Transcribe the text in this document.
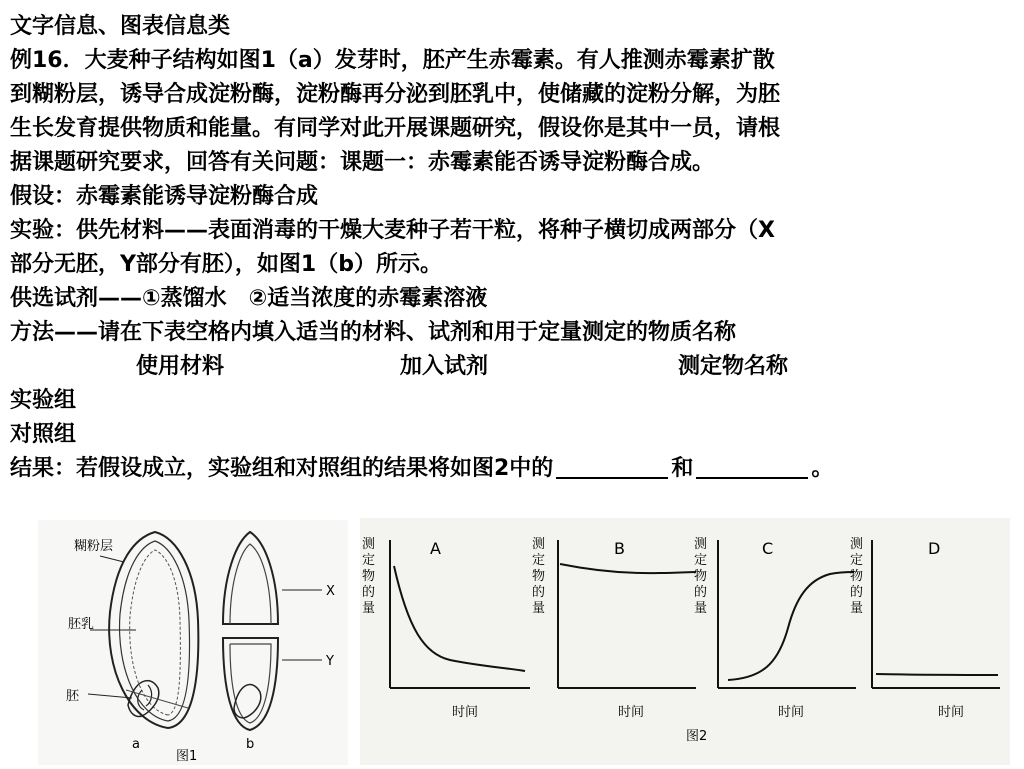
文字信息、图表信息类
例16．大麦种子结构如图1（a）发芽时，胚产生赤霉素。有人推测赤霉素扩散
到糊粉层，诱导合成淀粉酶，淀粉酶再分泌到胚乳中，使储藏的淀粉分解，为胚
生长发育提供物质和能量。有同学对此开展课题研究，假设你是其中一员，请根
据课题研究要求，回答有关问题：课题一：赤霉素能否诱导淀粉酶合成。
假设：赤霉素能诱导淀粉酶合成
实验：供先材料——表面消毒的干燥大麦种子若干粒，将种子横切成两部分（X
部分无胚，Y部分有胚），如图1（b）所示。
供选试剂——①蒸馏水　②适当浓度的赤霉素溶液
方法——请在下表空格内填入适当的材料、试剂和用于定量测定的物质名称
使用材料	加入试剂	测定物名称
实验组
对照组
结果：若假设成立，实验组和对照组的结果将如图2中的	和	。
糊粉层
胚乳
胚
a
X
Y
b
图1
A
测定物的量
时间
B
测定物的量
时间
C
测定物的量
时间
D
测定物的量
时间
图2
